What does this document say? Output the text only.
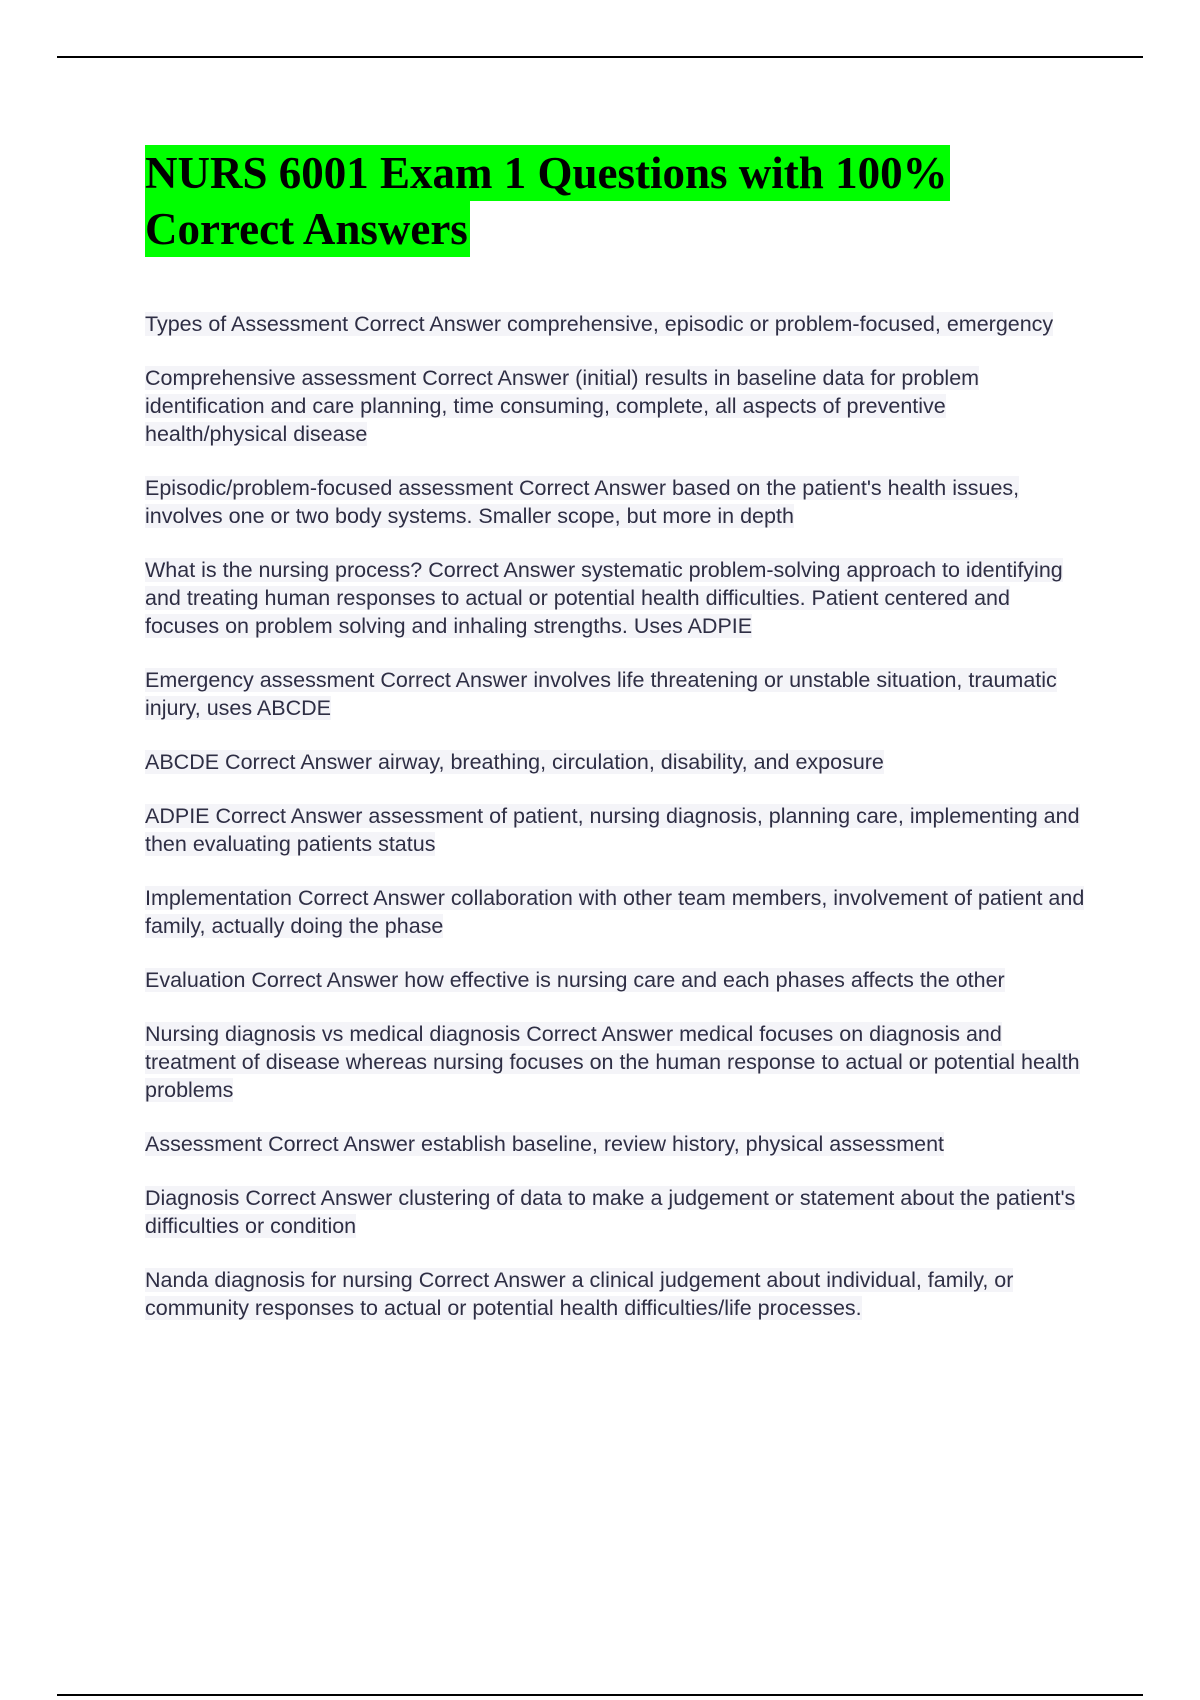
NURS 6001 Exam 1 Questions with 100%
Correct Answers

Types of Assessment Correct Answer comprehensive, episodic or problem-focused, emergency

Comprehensive assessment Correct Answer (initial) results in baseline data for problem identification and care planning, time consuming, complete, all aspects of preventive health/physical disease

Episodic/problem-focused assessment Correct Answer based on the patient's health issues, involves one or two body systems. Smaller scope, but more in depth

What is the nursing process? Correct Answer systematic problem-solving approach to identifying and treating human responses to actual or potential health difficulties. Patient centered and focuses on problem solving and inhaling strengths. Uses ADPIE

Emergency assessment Correct Answer involves life threatening or unstable situation, traumatic injury, uses ABCDE

ABCDE Correct Answer airway, breathing, circulation, disability, and exposure

ADPIE Correct Answer assessment of patient, nursing diagnosis, planning care, implementing and then evaluating patients status

Implementation Correct Answer collaboration with other team members, involvement of patient and family, actually doing the phase

Evaluation Correct Answer how effective is nursing care and each phases affects the other

Nursing diagnosis vs medical diagnosis Correct Answer medical focuses on diagnosis and treatment of disease whereas nursing focuses on the human response to actual or potential health problems

Assessment Correct Answer establish baseline, review history, physical assessment

Diagnosis Correct Answer clustering of data to make a judgement or statement about the patient's difficulties or condition

Nanda diagnosis for nursing Correct Answer a clinical judgement about individual, family, or community responses to actual or potential health difficulties/life processes.
